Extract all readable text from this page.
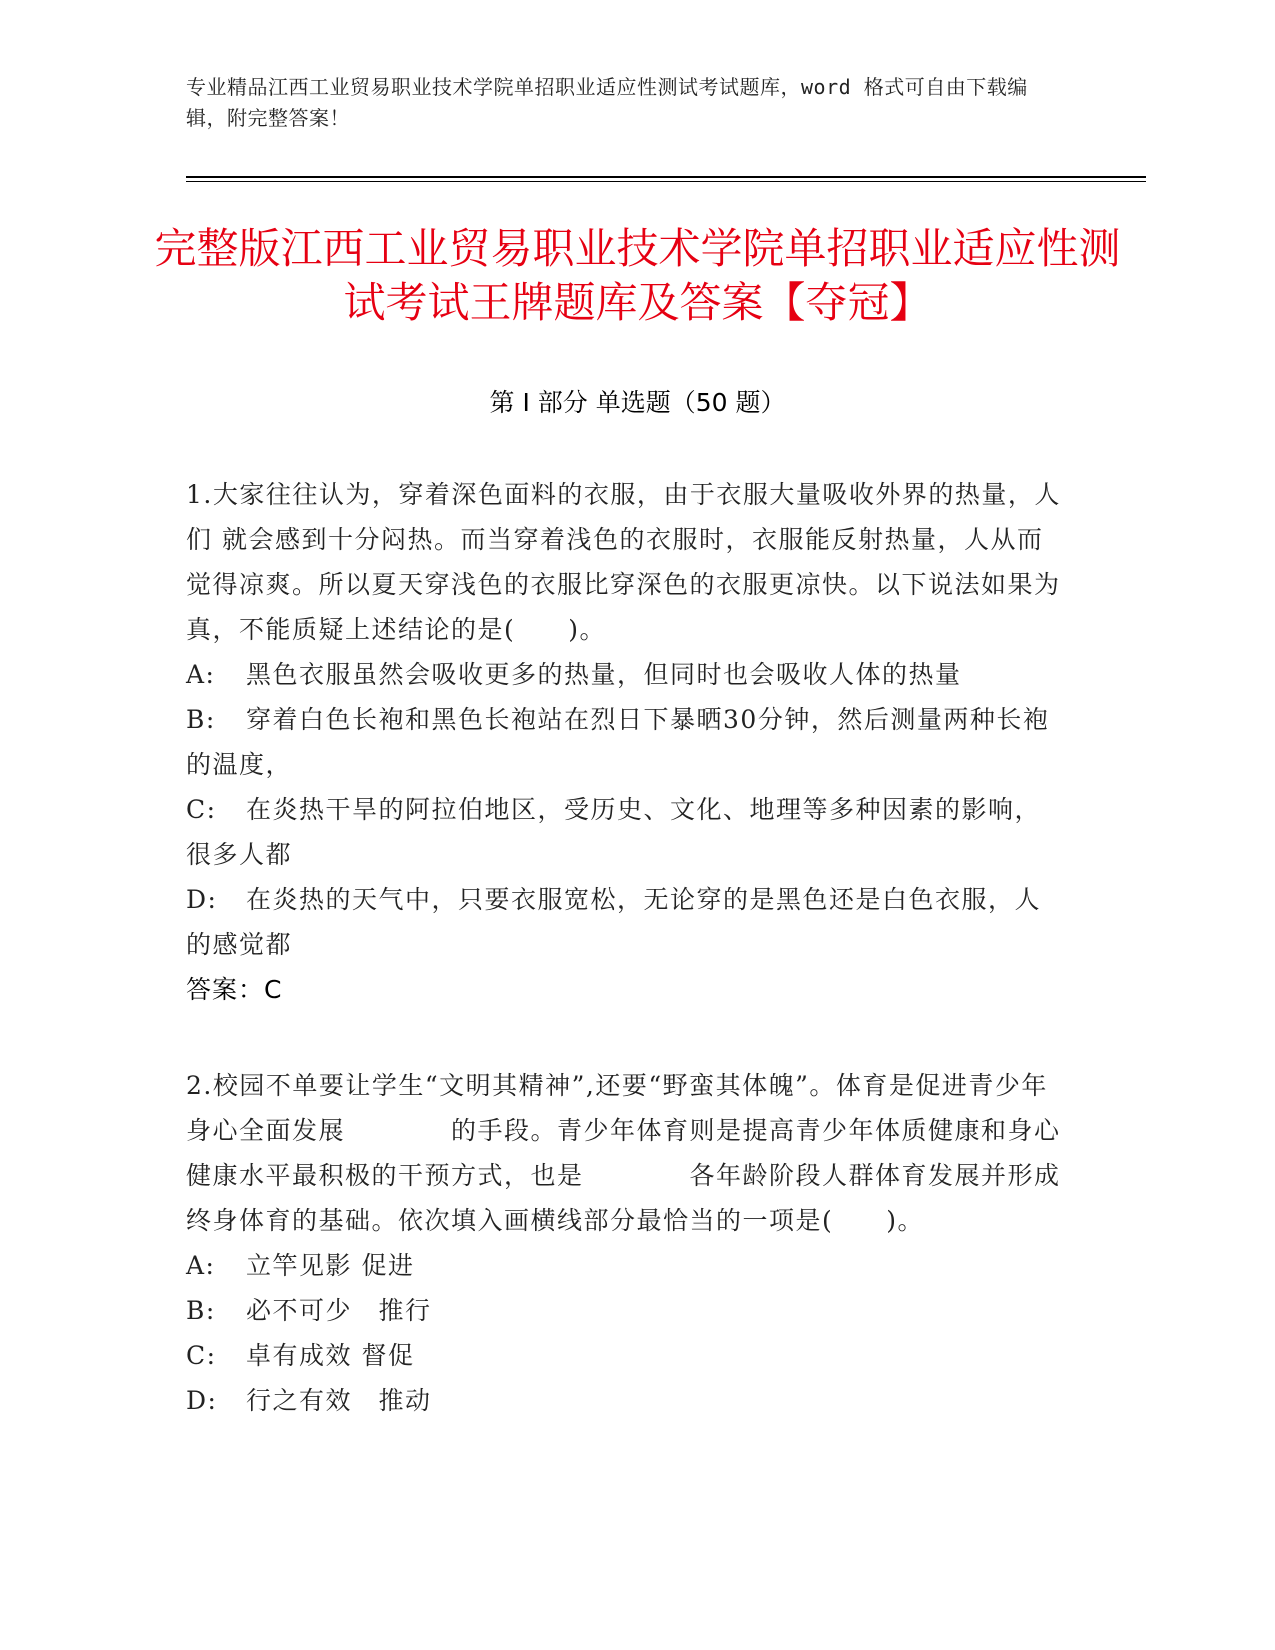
专业精品江西工业贸易职业技术学院单招职业适应性测试考试题库，word 格式可自由下载编辑，附完整答案！
完整版江西工业贸易职业技术学院单招职业适应性测试考试王牌题库及答案【夺冠】
第 I 部分 单选题（50 题）

1.大家往往认为，穿着深色面料的衣服，由于衣服大量吸收外界的热量，人们 就会感到十分闷热。而当穿着浅色的衣服时，衣服能反射热量，人从而觉得凉爽。所以夏天穿浅色的衣服比穿深色的衣服更凉快。以下说法如果为真，不能质疑上述结论的是(　　)。

A:	黑色衣服虽然会吸收更多的热量，但同时也会吸收人体的热量

B: 穿着白色长袍和黑色长袍站在烈日下暴晒30分钟，然后测量两种长袍的温度，

C: 在炎热干旱的阿拉伯地区，受历史、文化、地理等多种因素的影响，很多人都

D: 在炎热的天气中，只要衣服宽松，无论穿的是黑色还是白色衣服，人的感觉都

答案：C

2.校园不单要让学生“文明其精神”,还要“野蛮其体魄”。体育是促进青少年 身心全面发展　　　　的手段。青少年体育则是提高青少年体质健康和身心健康水平最积极的干预方式，也是　　　　各年龄阶段人群体育发展并形成终身体育的基础。依次填入画横线部分最恰当的一项是(　　)。

A:	立竿见影 促进

B:	必不可少　推行

C:	卓有成效 督促

D:	行之有效　推动
